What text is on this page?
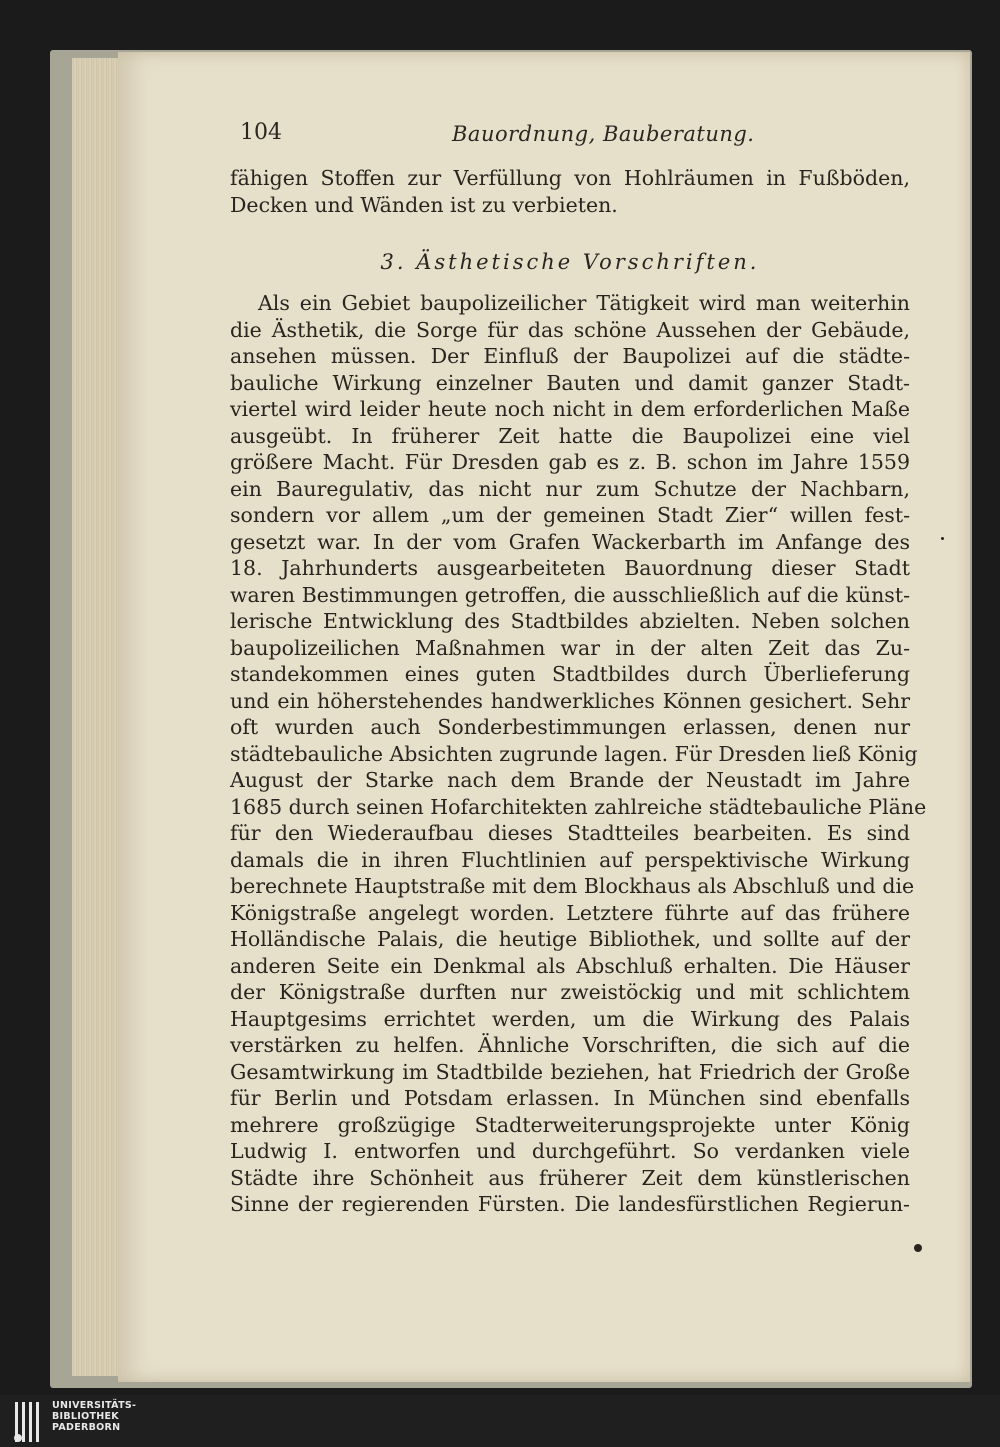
104	Bauordnung, Bauberatung.
fähigen Stoffen zur Verfüllung von Hohlräumen in Fußböden,
Decken und Wänden ist zu verbieten.
3. Ästhetische Vorschriften.
Als ein Gebiet baupolizeilicher Tätigkeit wird man weiterhin
die Ästhetik, die Sorge für das schöne Aussehen der Gebäude,
ansehen müssen. Der Einfluß der Baupolizei auf die städte-
bauliche Wirkung einzelner Bauten und damit ganzer Stadt-
viertel wird leider heute noch nicht in dem erforderlichen Maße
ausgeübt. In früherer Zeit hatte die Baupolizei eine viel
größere Macht. Für Dresden gab es z. B. schon im Jahre 1559
ein Bauregulativ, das nicht nur zum Schutze der Nachbarn,
sondern vor allem „um der gemeinen Stadt Zier“ willen fest-
gesetzt war. In der vom Grafen Wackerbarth im Anfange des
18. Jahrhunderts ausgearbeiteten Bauordnung dieser Stadt
waren Bestimmungen getroffen, die ausschließlich auf die künst-
lerische Entwicklung des Stadtbildes abzielten. Neben solchen
baupolizeilichen Maßnahmen war in der alten Zeit das Zu-
standekommen eines guten Stadtbildes durch Überlieferung
und ein höherstehendes handwerkliches Können gesichert. Sehr
oft wurden auch Sonderbestimmungen erlassen, denen nur
städtebauliche Absichten zugrunde lagen. Für Dresden ließ König
August der Starke nach dem Brande der Neustadt im Jahre
1685 durch seinen Hofarchitekten zahlreiche städtebauliche Pläne
für den Wiederaufbau dieses Stadtteiles bearbeiten. Es sind
damals die in ihren Fluchtlinien auf perspektivische Wirkung
berechnete Hauptstraße mit dem Blockhaus als Abschluß und die
Königstraße angelegt worden. Letztere führte auf das frühere
Holländische Palais, die heutige Bibliothek, und sollte auf der
anderen Seite ein Denkmal als Abschluß erhalten. Die Häuser
der Königstraße durften nur zweistöckig und mit schlichtem
Hauptgesims errichtet werden, um die Wirkung des Palais
verstärken zu helfen. Ähnliche Vorschriften, die sich auf die
Gesamtwirkung im Stadtbilde beziehen, hat Friedrich der Große
für Berlin und Potsdam erlassen. In München sind ebenfalls
mehrere großzügige Stadterweiterungsprojekte unter König
Ludwig I. entworfen und durchgeführt. So verdanken viele
Städte ihre Schönheit aus früherer Zeit dem künstlerischen
Sinne der regierenden Fürsten. Die landesfürstlichen Regierun-
UNIVERSITÄTS-
BIBLIOTHEK
PADERBORN
